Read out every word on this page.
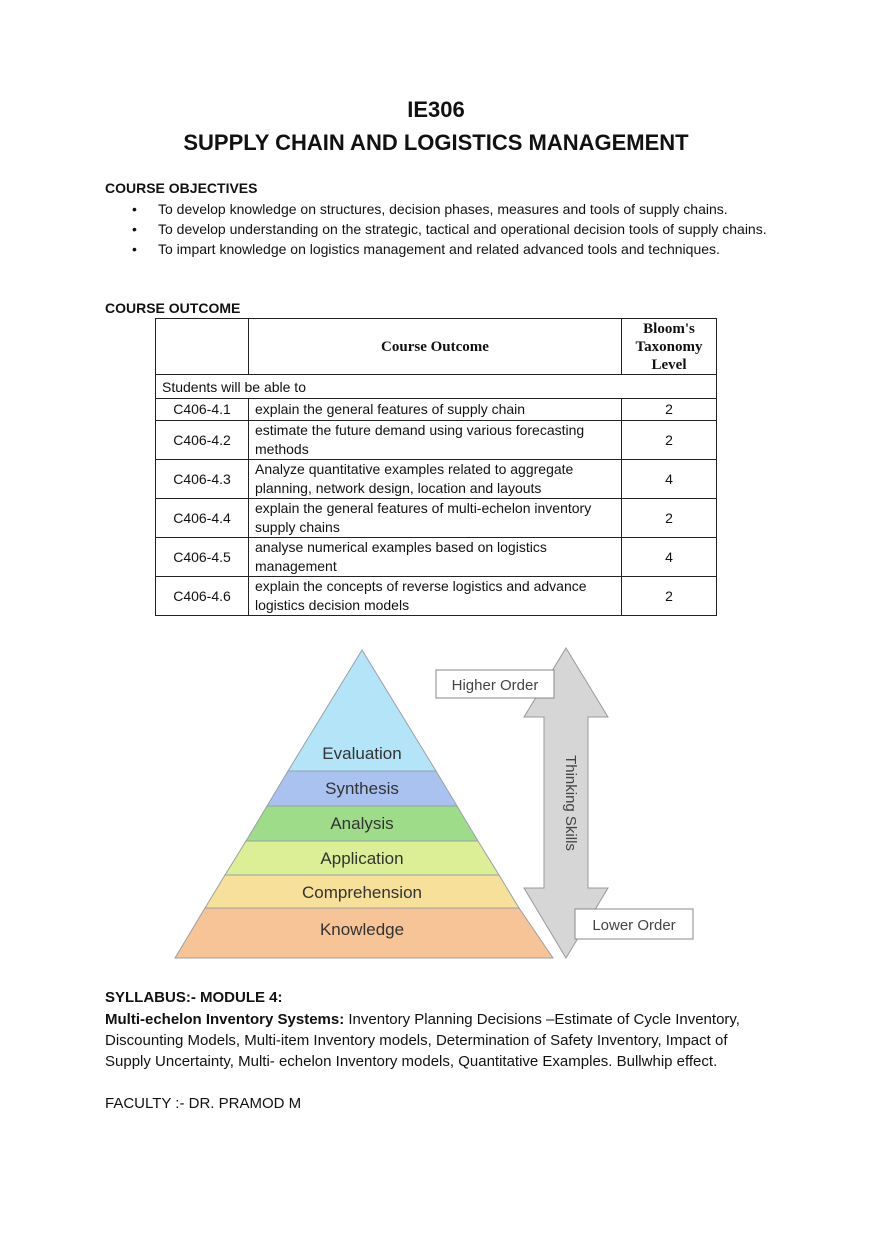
IE306
SUPPLY CHAIN AND LOGISTICS MANAGEMENT
COURSE OBJECTIVES
• To develop knowledge on structures, decision phases, measures and tools of supply chains.
• To develop understanding on the strategic, tactical and operational decision tools of supply chains.
• To impart knowledge on logistics management and related advanced tools and techniques.
COURSE OUTCOME
	Course Outcome	Bloom's Taxonomy Level
Students will be able to		
C406-4.1	explain the general features of supply chain	2
C406-4.2	estimate the future demand using various forecasting methods	2
C406-4.3	Analyze quantitative examples related to aggregate planning, network design, location and layouts	4
C406-4.4	explain the general features of multi-echelon inventory supply chains	2
C406-4.5	analyse numerical examples based on logistics management	4
C406-4.6	explain the concepts of reverse logistics and advance logistics decision models	2
Evaluation
Synthesis
Analysis
Application
Comprehension
Knowledge
Thinking Skills
Higher Order
Lower Order
SYLLABUS:- MODULE 4:
Multi-echelon Inventory Systems: Inventory Planning Decisions –Estimate of Cycle Inventory, Discounting Models, Multi-item Inventory models, Determination of Safety Inventory, Impact of Supply Uncertainty, Multi- echelon Inventory models, Quantitative Examples. Bullwhip effect.
FACULTY :- DR. PRAMOD M
